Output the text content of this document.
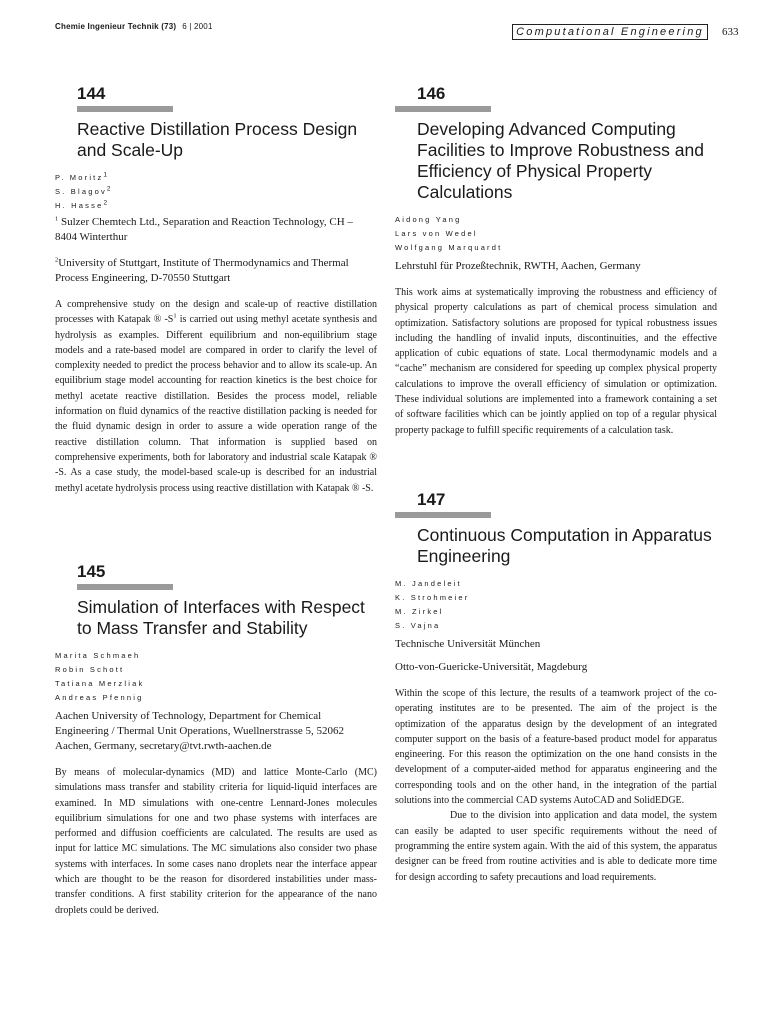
Chemie Ingenieur Technik (73) 6 | 2001	Computational Engineering	633
144
Reactive Distillation Process Design and Scale-Up
P. Moritz$^1$
S. Blagov$^2$
H. Hasse$^2$
$^1$ Sulzer Chemtech Ltd., Separation and Reaction Technology, CH – 8404 Winterthur
$^2$University of Stuttgart, Institute of Thermodynamics and Thermal Process Engineering, D-70550 Stuttgart
A comprehensive study on the design and scale-up of reactive distillation processes with Katapak ® $-S^1$ is carried out using methyl acetate synthesis and hydrolysis as examples. Different equilibrium and non-equilibrium stage models and a rate-based model are compared in order to clarify the level of complexity needed to predict the process behavior and to allow its scale-up. An equilibrium stage model accounting for reaction kinetics is the best choice for methyl acetate reactive distillation. Besides the process model, reliable information on fluid dynamics of the reactive distillation packing is needed for the fluid dynamic design in order to assure a wide operation range of the reactive distillation column. That information is supplied based on comprehensive experiments, both for laboratory and industrial scale Katapak ® -S. As a case study, the model-based scale-up is described for an industrial methyl acetate hydrolysis process using reactive distillation with Katapak ® -S.
145
Simulation of Interfaces with Respect to Mass Transfer and Stability
Marita Schmaeh
Robin Schott
Tatiana Merzliak
Andreas Pfennig
Aachen University of Technology, Department for Chemical Engineering / Thermal Unit Operations, Wuellnerstrasse 5, 52062 Aachen, Germany, secretary@tvt.rwth-aachen.de
By means of molecular-dynamics (MD) and lattice Monte-Carlo (MC) simulations mass transfer and stability criteria for liquid-liquid interfaces are examined. In MD simulations with one-centre Lennard-Jones molecules equilibrium simulations for one and two phase systems with interfaces are performed and diffusion coefficients are calculated. The results are used as input for lattice MC simulations. The MC simulations also consider two phase systems with interfaces. In some cases nano droplets near the interface appear which are thought to be the reason for disordered instabilities under mass-transfer conditions. A first stability criterion for the appearance of the nano droplets could be derived.
146
Developing Advanced Computing Facilities to Improve Robustness and Efficiency of Physical Property Calculations
Aidong Yang
Lars von Wedel
Wolfgang Marquardt
Lehrstuhl für Prozeßtechnik, RWTH, Aachen, Germany
This work aims at systematically improving the robustness and efficiency of physical property calculations as part of chemical process simulation and optimization. Satisfactory solutions are proposed for typical robustness issues including the handling of invalid inputs, discontinuities, and the effective application of cubic equations of state. Local thermodynamic models and a “cache” mechanism are considered for speeding up complex physical property calculations to improve the overall efficiency of simulation or optimization. These individual solutions are implemented into a framework containing a set of software facilities which can be jointly applied on top of a regular physical property package to fulfill specific requirements of a calculation task.
147
Continuous Computation in Apparatus Engineering
M. Jandeleit
K. Strohmeier
M. Zirkel
S. Vajna
Technische Universität München
Otto-von-Guericke-Universität, Magdeburg
Within the scope of this lecture, the results of a teamwork project of the co-operating institutes are to be presented. The aim of the project is the optimization of the apparatus design by the development of an integrated computer support on the basis of a feature-based product model for apparatus engineering. For this reason the optimization on the one hand consists in the development of a computer-aided method for apparatus engineering and the corresponding tools and on the other hand, in the integration of the partial solutions into the commercial CAD systems AutoCAD and SolidEDGE.
Due to the division into application and data model, the system can easily be adapted to user specific requirements without the need of programming the entire system again. With the aid of this system, the apparatus designer can be freed from routine activities and is able to dedicate more time for design according to safety precautions and load requirements.
